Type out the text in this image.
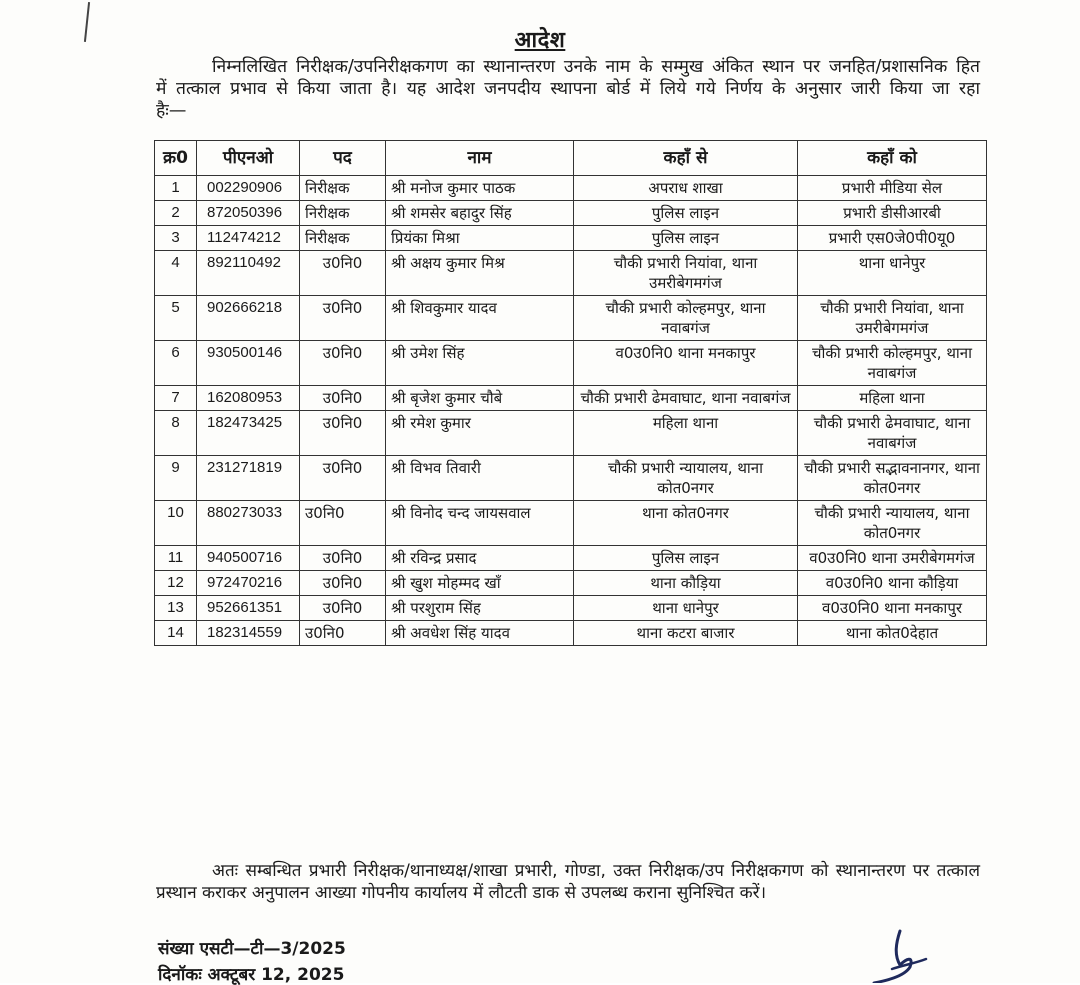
आदेश
निम्नलिखित निरीक्षक/उपनिरीक्षकगण का स्थानान्तरण उनके नाम के सम्मुख अंकित स्थान पर जनहित/प्रशासनिक हित में तत्काल प्रभाव से किया जाता है। यह आदेश जनपदीय स्थापना बोर्ड में लिये गये निर्णय के अनुसार जारी किया जा रहा हैः—
क्र0	पीएनओ	पद	नाम	कहॉं से	कहॉं को
1	002290906	निरीक्षक	श्री मनोज कुमार पाठक	अपराध शाखा	प्रभारी मीडिया सेल
2	872050396	निरीक्षक	श्री शमसेर बहादुर सिंह	पुलिस लाइन	प्रभारी डीसीआरबी
3	112474212	निरीक्षक	प्रियंका मिश्रा	पुलिस लाइन	प्रभारी एस0जे0पी0यू0
4	892110492	उ0नि0	श्री अक्षय कुमार मिश्र	चौकी प्रभारी नियांवा, थाना उमरीबेगमगंज	थाना धानेपुर
5	902666218	उ0नि0	श्री शिवकुमार यादव	चौकी प्रभारी कोल्हमपुर, थाना नवाबगंज	चौकी प्रभारी नियांवा, थाना उमरीबेगमगंज
6	930500146	उ0नि0	श्री उमेश सिंह	व0उ0नि0 थाना मनकापुर	चौकी प्रभारी कोल्हमपुर, थाना नवाबगंज
7	162080953	उ0नि0	श्री बृजेश कुमार चौबे	चौकी प्रभारी ढेमवाघाट, थाना नवाबगंज	महिला थाना
8	182473425	उ0नि0	श्री रमेश कुमार	महिला थाना	चौकी प्रभारी ढेमवाघाट, थाना नवाबगंज
9	231271819	उ0नि0	श्री विभव तिवारी	चौकी प्रभारी न्यायालय, थाना कोत0नगर	चौकी प्रभारी सद्भावनानगर, थाना कोत0नगर
10	880273033	उ0नि0	श्री विनोद चन्द जायसवाल	थाना कोत0नगर	चौकी प्रभारी न्यायालय, थाना कोत0नगर
11	940500716	उ0नि0	श्री रविन्द्र प्रसाद	पुलिस लाइन	व0उ0नि0 थाना उमरीबेगमगंज
12	972470216	उ0नि0	श्री खुश मोहम्मद खॉं	थाना कौड़िया	व0उ0नि0 थाना कौड़िया
13	952661351	उ0नि0	श्री परशुराम सिंह	थाना धानेपुर	व0उ0नि0 थाना मनकापुर
14	182314559	उ0नि0	श्री अवधेश सिंह यादव	थाना कटरा बाजार	थाना कोत0देहात
अतः सम्बन्धित प्रभारी निरीक्षक/थानाध्यक्ष/शाखा प्रभारी, गोण्डा, उक्त निरीक्षक/उप निरीक्षकगण को स्थानान्तरण पर तत्काल प्रस्थान कराकर अनुपालन आख्या गोपनीय कार्यालय में लौटती डाक से उपलब्ध कराना सुनिश्चित करें।
संख्या एसटी—टी—3/2025
दिनॉकः अक्टूबर 12, 2025
